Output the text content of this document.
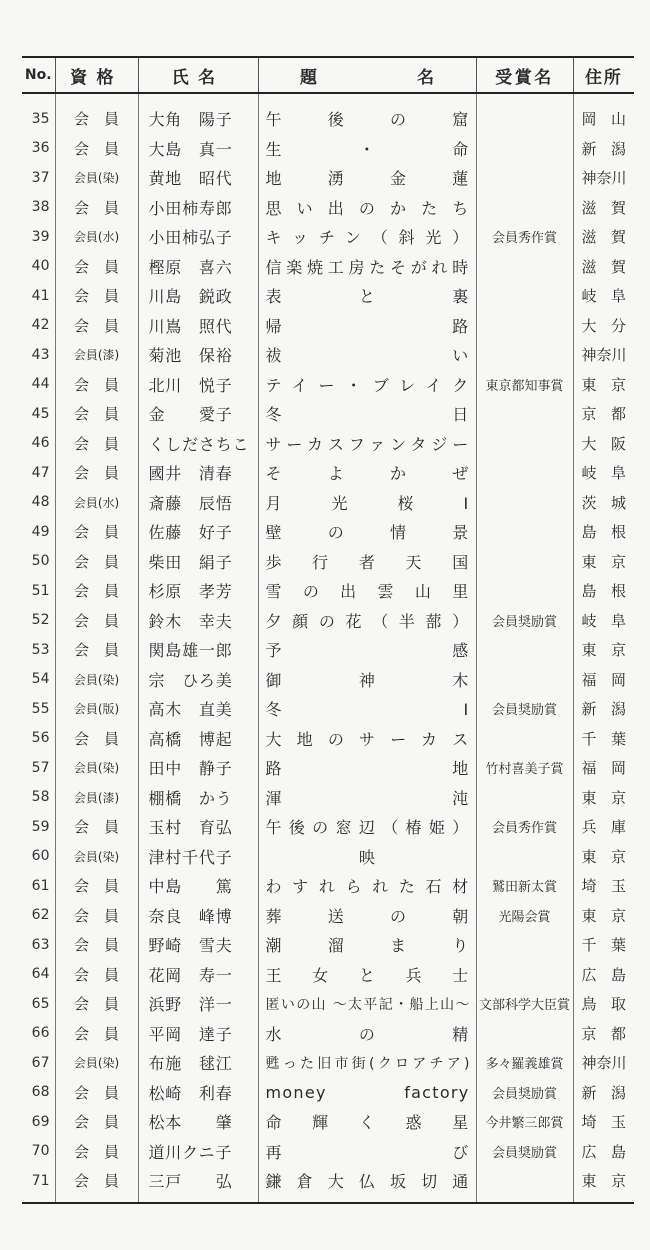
No.	資格	氏名	題 名	受賞名	住所
35	会　員	大角　陽子	午後の窟		岡山
36	会　員	大島　真一	生・命		新潟
37	会員(染)	黄地　昭代	地湧金蓮		神奈川
38	会　員	小田柿寿郎	思い出のかたち		滋賀
39	会員(水)	小田柿弘子	キッチン（斜光）	会員秀作賞	滋賀
40	会　員	樫原　喜六	信楽焼工房たそがれ時		滋賀
41	会　員	川島　鋭政	表と裏		岐阜
42	会　員	川嶌　照代	帰路		大分
43	会員(漆)	菊池　保裕	祓い		神奈川
44	会　員	北川　悦子	テイー・ブレイク	東京都知事賞	東京
45	会　員	金　　愛子	冬日		京都
46	会　員	くしださちこ	サーカスファンタジー		大阪
47	会　員	國井　清春	そよかぜ		岐阜
48	会員(水)	斎藤　辰悟	月光桜Ⅰ		茨城
49	会　員	佐藤　好子	壁の情景		島根
50	会　員	柴田　絹子	歩行者天国		東京
51	会　員	杉原　孝芳	雪の出雲山里		島根
52	会　員	鈴木　幸夫	夕顔の花（半蔀）	会員奨励賞	岐阜
53	会　員	関島雄一郎	予感		東京
54	会員(染)	宗　ひろ美	御神木		福岡
55	会員(版)	高木　直美	冬Ⅰ	会員奨励賞	新潟
56	会　員	高橋　博起	大地のサーカス		千葉
57	会員(染)	田中　静子	路地	竹村喜美子賞	福岡
58	会員(漆)	棚橋　かう	渾沌		東京
59	会　員	玉村　育弘	午後の窓辺（椿姫）	会員秀作賞	兵庫
60	会員(染)	津村千代子	映		東京
61	会　員	中島　　篤	わすれられた石材	鷲田新太賞	埼玉
62	会　員	奈良　峰博	葬送の朝	光陽会賞	東京
63	会　員	野崎　雪夫	潮溜まり		千葉
64	会　員	花岡　寿一	王女と兵士		広島
65	会　員	浜野　洋一	匿いの山 ～太平記・船上山～	文部科学大臣賞	鳥取
66	会　員	平岡　達子	水の精		京都
67	会員(染)	布施　毬江	甦った旧市街(クロアチア)	多々羅義雄賞	神奈川
68	会　員	松崎　利春	money factory	会員奨励賞	新潟
69	会　員	松本　　肇	命輝く惑星	今井繁三郎賞	埼玉
70	会　員	道川クニ子	再び	会員奨励賞	広島
71	会　員	三戸　　弘	鎌倉大仏坂切通		東京
